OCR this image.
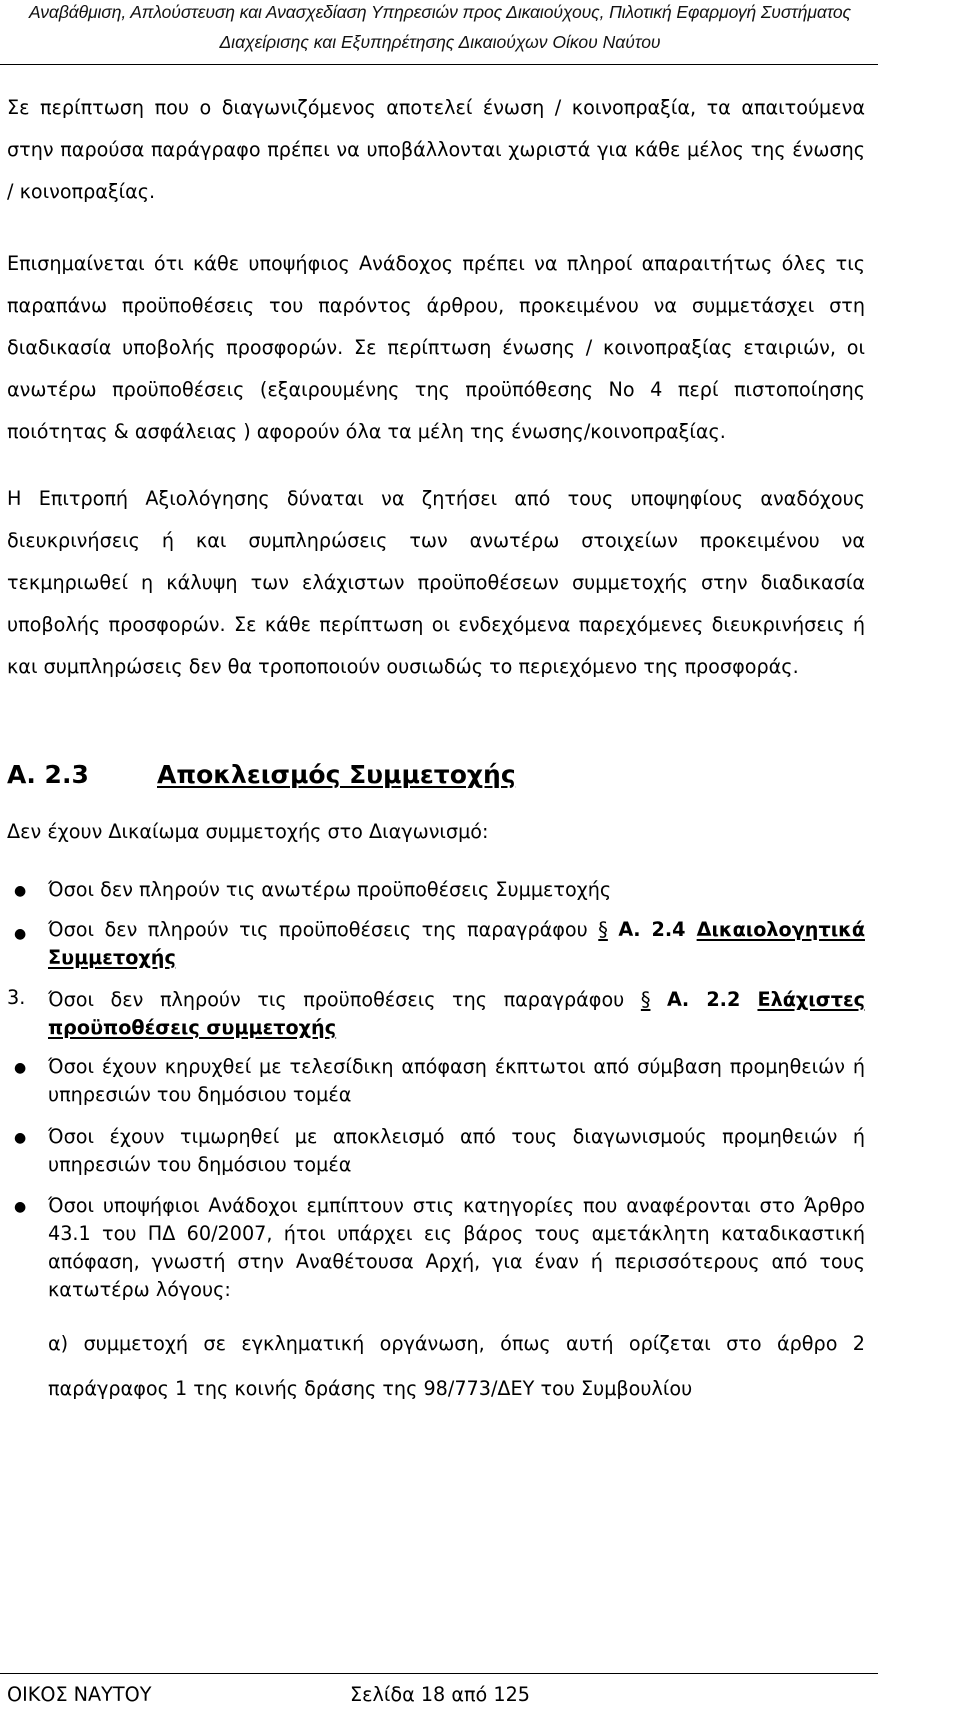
Αναβάθμιση, Απλούστευση και Ανασχεδίαση Υπηρεσιών προς Δικαιούχους, Πιλοτική Εφαρμογή Συστήματος
Διαχείρισης και Εξυπηρέτησης Δικαιούχων Οίκου Ναύτου
Σε περίπτωση που ο διαγωνιζόμενος αποτελεί ένωση / κοινοπραξία, τα απαιτούμενα στην παρούσα παράγραφο πρέπει να υποβάλλονται χωριστά για κάθε μέλος της ένωσης / κοινοπραξίας.
Επισημαίνεται ότι κάθε υποψήφιος Ανάδοχος πρέπει να πληροί απαραιτήτως όλες τις παραπάνω προϋποθέσεις του παρόντος άρθρου, προκειμένου να συμμετάσχει στη διαδικασία υποβολής προσφορών. Σε περίπτωση ένωσης / κοινοπραξίας εταιριών, οι ανωτέρω προϋποθέσεις (εξαιρουμένης της προϋπόθεσης Νο 4 περί πιστοποίησης ποιότητας & ασφάλειας ) αφορούν όλα τα μέλη της ένωσης/κοινοπραξίας.
Η Επιτροπή Αξιολόγησης δύναται να ζητήσει από τους υποψηφίους αναδόχους διευκρινήσεις ή και συμπληρώσεις των ανωτέρω στοιχείων προκειμένου να τεκμηριωθεί η κάλυψη των ελάχιστων προϋποθέσεων συμμετοχής στην διαδικασία υποβολής προσφορών. Σε κάθε περίπτωση οι ενδεχόμενα παρεχόμενες διευκρινήσεις ή και συμπληρώσεις δεν θα τροποποιούν ουσιωδώς το περιεχόμενο της προσφοράς.
Α. 2.3	Αποκλεισμός Συμμετοχής
Δεν έχουν Δικαίωμα συμμετοχής στο Διαγωνισμό:
● Όσοι δεν πληρούν τις ανωτέρω προϋποθέσεις Συμμετοχής
● Όσοι δεν πληρούν τις προϋποθέσεις της παραγράφου § Α. 2.4 Δικαιολογητικά Συμμετοχής
3. Όσοι δεν πληρούν τις προϋποθέσεις της παραγράφου § Α. 2.2 Ελάχιστες προϋποθέσεις συμμετοχής
● Όσοι έχουν κηρυχθεί με τελεσίδικη απόφαση έκπτωτοι από σύμβαση προμηθειών ή υπηρεσιών του δημόσιου τομέα
● Όσοι έχουν τιμωρηθεί με αποκλεισμό από τους διαγωνισμούς προμηθειών ή υπηρεσιών του δημόσιου τομέα
● Όσοι υποψήφιοι Ανάδοχοι εμπίπτουν στις κατηγορίες που αναφέρονται στο Άρθρο 43.1 του ΠΔ 60/2007, ήτοι υπάρχει εις βάρος τους αμετάκλητη καταδικαστική απόφαση, γνωστή στην Αναθέτουσα Αρχή, για έναν ή περισσότερους από τους κατωτέρω λόγους:
α) συμμετοχή σε εγκληματική οργάνωση, όπως αυτή ορίζεται στο άρθρο 2 παράγραφος 1 της κοινής δράσης της 98/773/ΔΕΥ του Συμβουλίου
ΟΙΚΟΣ ΝΑΥΤΟΥ	Σελίδα 18 από 125
